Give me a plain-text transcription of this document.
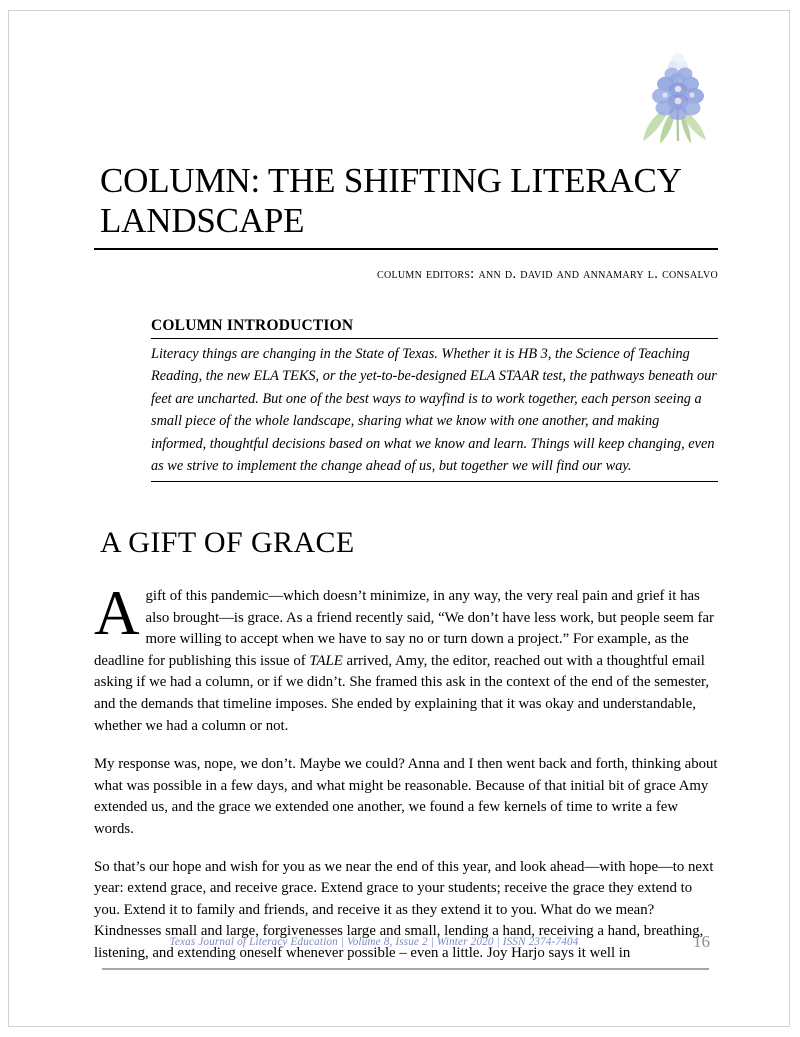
COLUMN: THE SHIFTING LITERACY LANDSCAPE
column editors: ann d. david and annamary l. consalvo
COLUMN INTRODUCTION

Literacy things are changing in the State of Texas. Whether it is HB 3, the Science of Teaching Reading, the new ELA TEKS, or the yet-to-be-designed ELA STAAR test, the pathways beneath our feet are uncharted. But one of the best ways to wayfind is to work together, each person seeing a small piece of the whole landscape, sharing what we know with one another, and making informed, thoughtful decisions based on what we know and learn. Things will keep changing, even as we strive to implement the change ahead of us, but together we will find our way.

A GIFT OF GRACE

Agift of this pandemic—which doesn’t minimize, in any way, the very real pain and grief it has also brought—is grace. As a friend recently said, “We don’t have less work, but people seem far more willing to accept when we have to say no or turn down a project.” For example, as the deadline for publishing this issue of TALE arrived, Amy, the editor, reached out with a thoughtful email asking if we had a column, or if we didn’t. She framed this ask in the context of the end of the semester, and the demands that timeline imposes. She ended by explaining that it was okay and understandable, whether we had a column or not.

My response was, nope, we don’t. Maybe we could? Anna and I then went back and forth, thinking about what was possible in a few days, and what might be reasonable. Because of that initial bit of grace Amy extended us, and the grace we extended one another, we found a few kernels of time to write a few words.

So that’s our hope and wish for you as we near the end of this year, and look ahead—with hope—to next year: extend grace, and receive grace. Extend grace to your students; receive the grace they extend to you. Extend it to family and friends, and receive it as they extend it to you. What do we mean? Kindnesses small and large, forgivenesses large and small, lending a hand, receiving a hand, breathing, listening, and extending oneself whenever possible – even a little. Joy Harjo says it well in

Texas Journal of Literacy Education | Volume 8, Issue 2 | Winter 2020 | ISSN 2374-7404	16
